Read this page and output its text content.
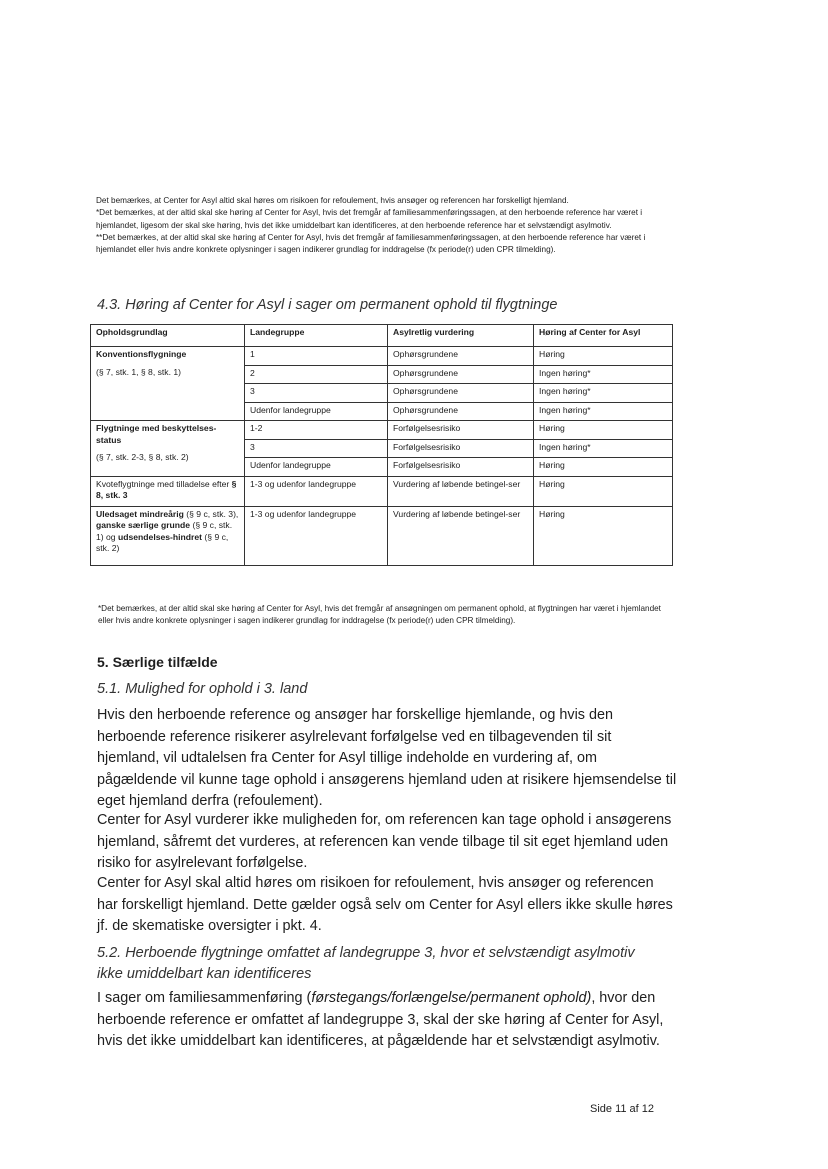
Det bemærkes, at Center for Asyl altid skal høres om risikoen for refoulement, hvis ansøger og referencen har forskelligt hjemland.

*Det bemærkes, at der altid skal ske høring af Center for Asyl, hvis det fremgår af familiesammenføringssagen, at den herboende reference har været i hjemlandet, ligesom der skal ske høring, hvis det ikke umiddelbart kan identificeres, at den herboende reference har et selvstændigt asylmotiv.

**Det bemærkes, at der altid skal ske høring af Center for Asyl, hvis det fremgår af familiesammenføringssagen, at den herboende reference har været i hjemlandet eller hvis andre konkrete oplysninger i sagen indikerer grundlag for inddragelse (fx periode(r) uden CPR tilmelding).

4.3. Høring af Center for Asyl i sager om permanent ophold til flygtninge
Opholdsgrundlag	Landegruppe	Asylretlig vurdering	Høring af Center for Asyl
Konventionsflygninge
(§ 7, stk. 1, § 8, stk. 1)	1	Ophørsgrundene	Høring
	2	Ophørsgrundene	Ingen høring*
	3	Ophørsgrundene	Ingen høring*
	Udenfor landegruppe	Ophørsgrundene	Ingen høring*
Flygtninge med beskyttelses-status
(§ 7, stk. 2-3, § 8, stk. 2)	1-2	Forfølgelsesrisiko	Høring
	3	Forfølgelsesrisiko	Ingen høring*
	Udenfor landegruppe	Forfølgelsesrisiko	Høring
Kvoteflygtninge med tilladelse efter § 8, stk. 3	1-3 og udenfor landegruppe	Vurdering af løbende betingel-ser	Høring
Uledsaget mindreårig (§ 9 c, stk. 3), ganske særlige grunde (§ 9 c, stk. 1) og udsendelses-hindret (§ 9 c, stk. 2)	1-3 og udenfor landegruppe	Vurdering af løbende betingel-ser	Høring

*Det bemærkes, at der altid skal ske høring af Center for Asyl, hvis det fremgår af ansøgningen om permanent ophold, at flygtningen har været i hjemlandet eller hvis andre konkrete oplysninger i sagen indikerer grundlag for inddragelse (fx periode(r) uden CPR tilmelding).

5. Særlige tilfælde
5.1. Mulighed for ophold i 3. land

Hvis den herboende reference og ansøger har forskellige hjemlande, og hvis den herboende reference risikerer asylrelevant forfølgelse ved en tilbagevenden til sit hjemland, vil udtalelsen fra Center for Asyl tillige indeholde en vurdering af, om pågældende vil kunne tage ophold i ansøgerens hjemland uden at risikere hjemsendelse til eget hjemland derfra (refoulement).

Center for Asyl vurderer ikke muligheden for, om referencen kan tage ophold i ansøgerens hjemland, såfremt det vurderes, at referencen kan vende tilbage til sit eget hjemland uden risiko for asylrelevant forfølgelse.

Center for Asyl skal altid høres om risikoen for refoulement, hvis ansøger og referencen har forskelligt hjemland. Dette gælder også selv om Center for Asyl ellers ikke skulle høres jf. de skematiske oversigter i pkt. 4.

5.2. Herboende flygtninge omfattet af landegruppe 3, hvor et selvstændigt asylmotiv ikke umiddelbart kan identificeres

I sager om familiesammenføring (førstegangs/forlængelse/permanent ophold), hvor den herboende reference er omfattet af landegruppe 3, skal der ske høring af Center for Asyl, hvis det ikke umiddelbart kan identificeres, at pågældende har et selvstændigt asylmotiv.

Side 11 af 12
